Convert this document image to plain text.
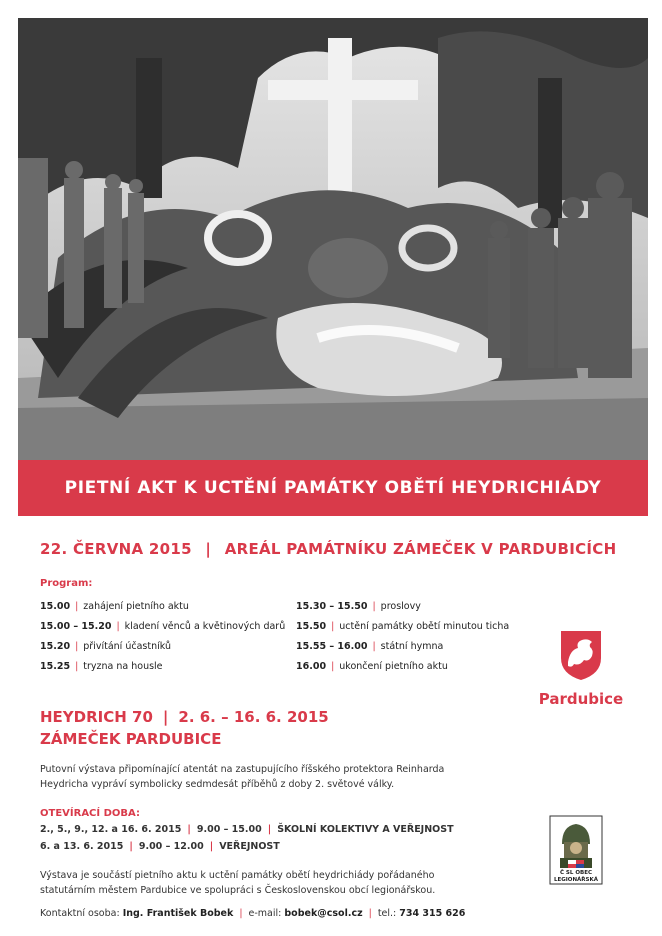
PIETNÍ AKT K UCTĚNÍ PAMÁTKY OBĚTÍ HEYDRICHIÁDY
22. ČERVNA 2015 | AREÁL PAMÁTNÍKU ZÁMEČEK V PARDUBICÍCH
Program:
15.00 | zahájení pietního aktu
15.00 – 15.20 | kladení věnců a květinových darů
15.20 | přivítání účastníků
15.25 | tryzna na housle
15.30 – 15.50 | proslovy
15.50 | uctění památky obětí minutou ticha
15.55 – 16.00 | státní hymna
16.00 | ukončení pietního aktu
Pardubice
HEYDRICH 70 | 2. 6. – 16. 6. 2015
ZÁMEČEK PARDUBICE
Putovní výstava připomínající atentát na zastupujícího říšského protektora Reinharda Heydricha vypráví symbolicky sedmdesát příběhů z doby 2. světové války.
OTEVÍRACÍ DOBA:
2., 5., 9., 12. a 16. 6. 2015 | 9.00 – 15.00 | ŠKOLNÍ KOLEKTIVY A VEŘEJNOST
6. a 13. 6. 2015 | 9.00 – 12.00 | VEŘEJNOST
Výstava je součástí pietního aktu k uctění památky obětí heydrichiády pořádaného statutárním městem Pardubice ve spolupráci s Československou obcí legionářskou.
Kontaktní osoba: Ing. František Bobek | e-mail: bobek@csol.cz | tel.: 734 315 626
Č SL OBEC
LEGIONÁŘSKÁ
